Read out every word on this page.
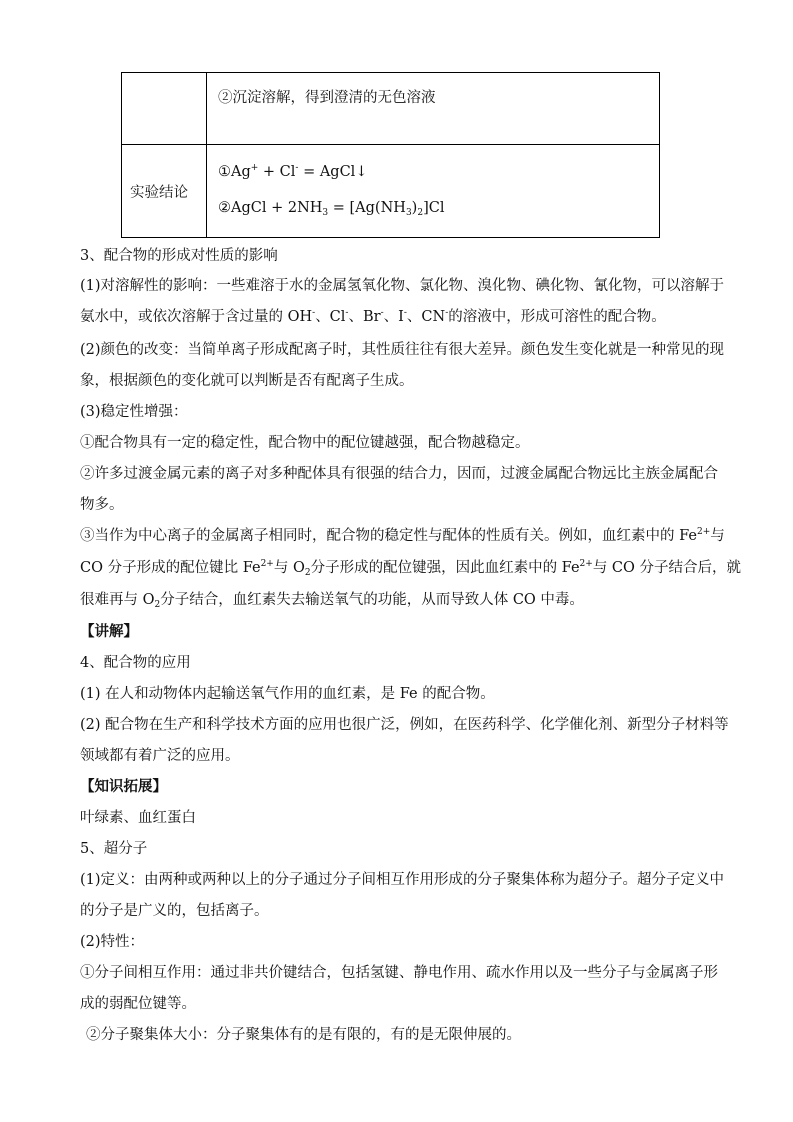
②沉淀溶解，得到澄清的无色溶液
实验结论
①Ag+ + Cl- = AgCl↓
②AgCl + $2NH_3 = [Ag(NH_3)_2]Cl$
3、配合物的形成对性质的影响
(1)对溶解性的影响：一些难溶于水的金属氢氧化物、氯化物、溴化物、碘化物、氰化物，可以溶解于
氨水中，或依次溶解于含过量的 OH-、Cl-、Br-、I-、CN-的溶液中，形成可溶性的配合物。
(2)颜色的改变：当简单离子形成配离子时，其性质往往有很大差异。颜色发生变化就是一种常见的现
象，根据颜色的变化就可以判断是否有配离子生成。
(3)稳定性增强：
①配合物具有一定的稳定性，配合物中的配位键越强，配合物越稳定。
②许多过渡金属元素的离子对多种配体具有很强的结合力，因而，过渡金属配合物远比主族金属配合
物多。
③当作为中心离子的金属离子相同时，配合物的稳定性与配体的性质有关。例如，血红素中的 $Fe^{2+}$与
CO 分子形成的配位键比 $Fe^{2+}$与 $O_2$分子形成的配位键强，因此血红素中的 $Fe^{2+}$与 CO 分子结合后，就
很难再与 $O_2$分子结合，血红素失去输送氧气的功能，从而导致人体 CO 中毒。
【讲解】
4、配合物的应用
(1) 在人和动物体内起输送氧气作用的血红素，是 Fe 的配合物。
(2) 配合物在生产和科学技术方面的应用也很广泛，例如，在医药科学、化学催化剂、新型分子材料等
领域都有着广泛的应用。
【知识拓展】
叶绿素、血红蛋白
5、超分子
(1)定义：由两种或两种以上的分子通过分子间相互作用形成的分子聚集体称为超分子。超分子定义中
的分子是广义的，包括离子。
(2)特性：
①分子间相互作用：通过非共价键结合，包括氢键、静电作用、疏水作用以及一些分子与金属离子形
成的弱配位键等。
②分子聚集体大小：分子聚集体有的是有限的，有的是无限伸展的。
